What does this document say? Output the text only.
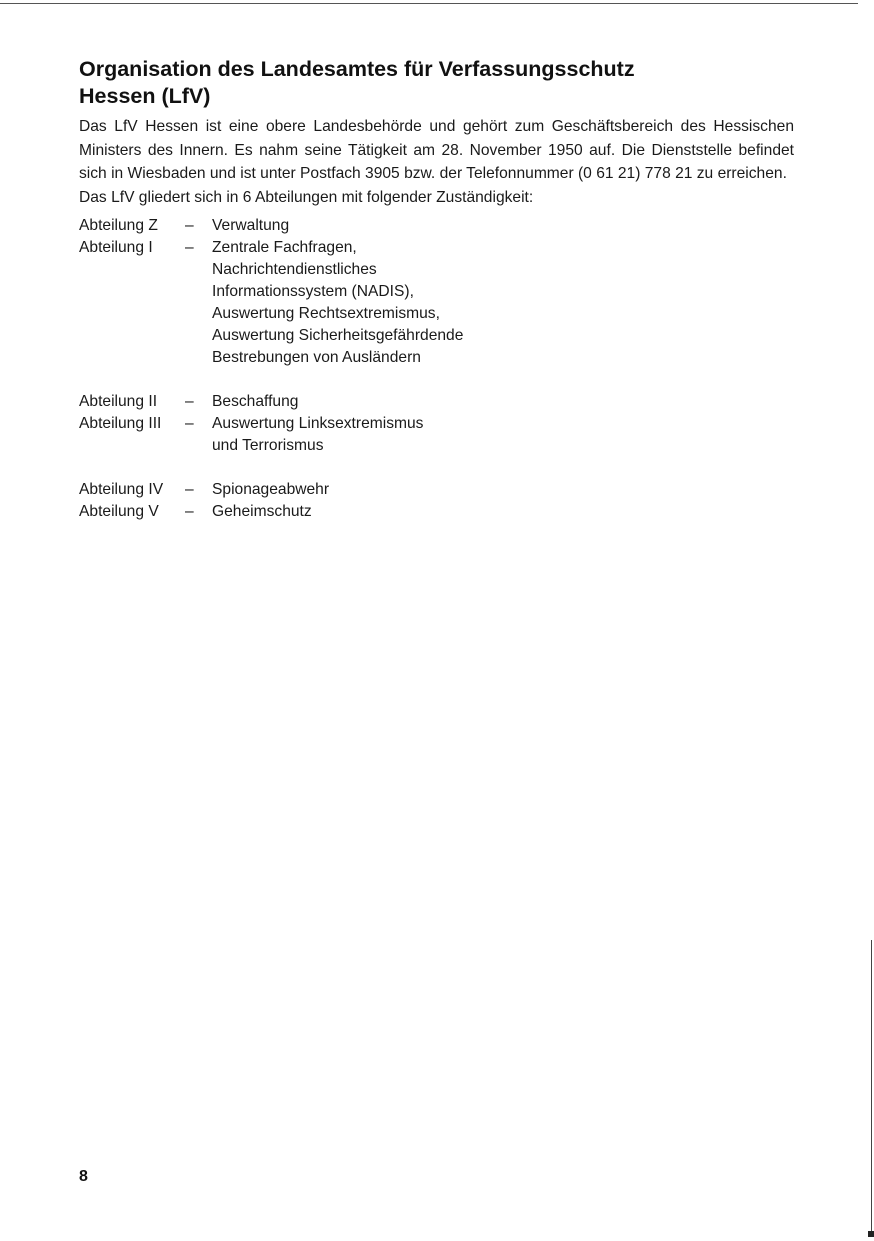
Organisation des Landesamtes für Verfassungsschutz
Hessen (LfV)

Das LfV Hessen ist eine obere Landesbehörde und gehört zum Geschäftsbereich des Hessischen Ministers des Innern. Es nahm seine Tätigkeit am 28. November 1950 auf. Die Dienststelle befindet sich in Wiesbaden und ist unter Postfach 3905 bzw. der Telefonnummer (0 61 21) 778 21 zu erreichen.
Das LfV gliedert sich in 6 Abteilungen mit folgender Zuständigkeit:

Abteilung Z	–	Verwaltung
Abteilung I	–	Zentrale Fachfragen,
Nachrichtendienstliches
Informationssystem (NADIS),
Auswertung Rechtsextremismus,
Auswertung Sicherheitsgefährdende
Bestrebungen von Ausländern
Abteilung II	–	Beschaffung
Abteilung III	–	Auswertung Linksextremismus
und Terrorismus
Abteilung IV	–	Spionageabwehr
Abteilung V	–	Geheimschutz
8
